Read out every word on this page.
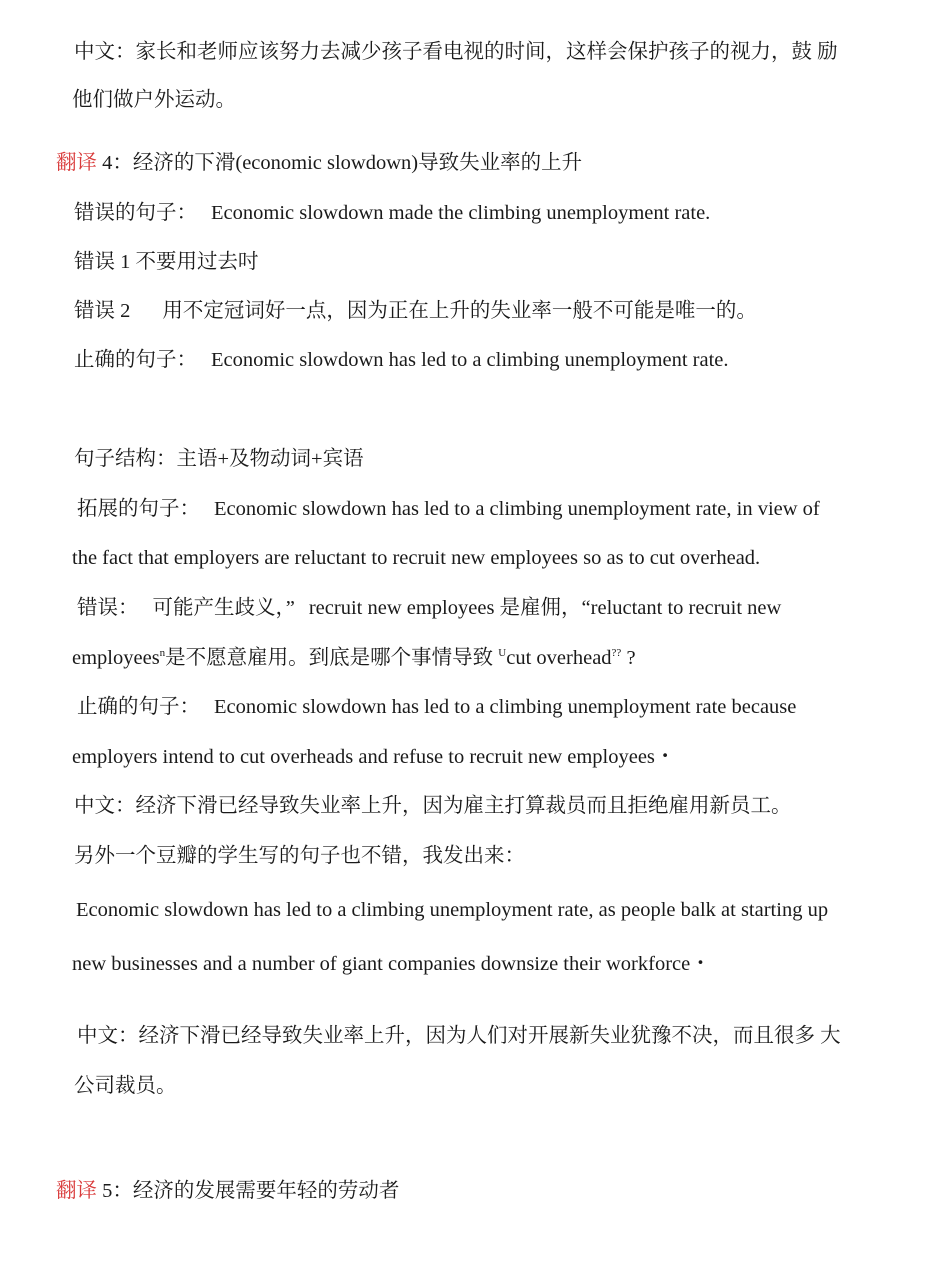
中文：家长和老师应该努力去减少孩子看电视的时间，这样会保护孩子的视力，鼓 励
他们做户外运动。
翻译 4：经济的下滑(economic slowdown)导致失业率的上升
错误的句子： Economic slowdown made the climbing unemployment rate.
错误 1 不要用过去吋
错误 2 用不定冠词好一点，因为正在上升的失业率一般不可能是唯一的。
止确的句子： Economic slowdown has led to a climbing unemployment rate.
句子结构：主语+及物动词+宾语
拓展的句子： Economic slowdown has led to a climbing unemployment rate, in view of
the fact that employers are reluctant to recruit new employees so as to cut overhead.
错误： 可能产生歧义，” recruit new employees 是雇佣，“reluctant to recruit new
employees$^n$是不愿意雇用。到底是哪个事情导致 $^U$cut overhead?? ?
止确的句子： Economic slowdown has led to a climbing unemployment rate because
employers intend to cut overheads and refuse to recruit new employees・
中文：经济下滑已经导致失业率上升，因为雇主打算裁员而且拒绝雇用新员工。
另外一个豆瓣的学生写的句子也不错，我发出来：
Economic slowdown has led to a climbing unemployment rate, as people balk at starting up
new businesses and a number of giant companies downsize their workforce・
中文：经济下滑已经导致失业率上升，因为人们对开展新失业犹豫不决，而且很多 大
公司裁员。
翻译 5：经济的发展需要年轻的劳动者
